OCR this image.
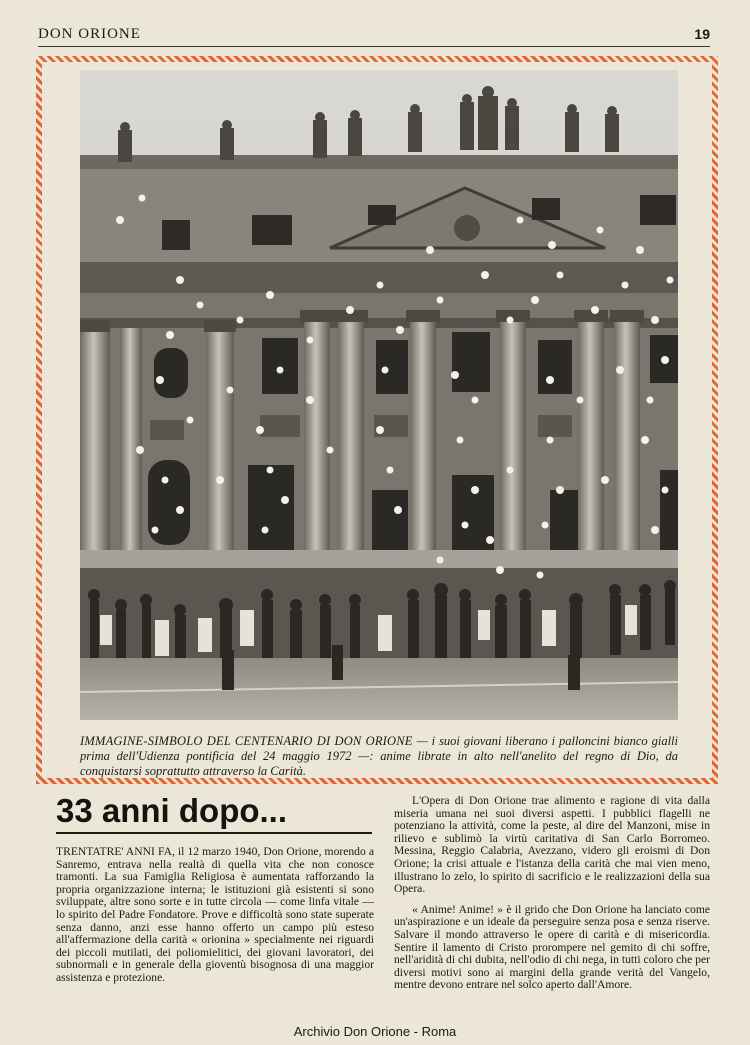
DON ORIONE	19
IMMAGINE-SIMBOLO DEL CENTENARIO DI DON ORIONE — i suoi giovani liberano i palloncini bianco gialli prima dell'Udienza pontificia del 24 maggio 1972 —: anime librate in alto nell'anelito del regno di Dio, da conquistarsi soprattutto attraverso la Carità.
33 anni dopo...

TRENTATRE' ANNI FA, il 12 marzo 1940, Don Orione, morendo a Sanremo, entrava nella realtà di quella vita che non conosce tramonti. La sua Famiglia Religiosa è aumentata rafforzando la propria organizzazione interna; le istituzioni già esistenti si sono sviluppate, altre sono sorte e in tutte circola — come linfa vitale — lo spirito del Padre Fondatore. Prove e difficoltà sono state superate senza danno, anzi esse hanno offerto un campo più esteso all'affermazione della carità « orionina » specialmente nei riguardi dei piccoli mutilati, dei poliomielitici, dei giovani lavoratori, dei subnormali e in generale della gioventù bisognosa di una maggior assistenza e protezione.

L'Opera di Don Orione trae alimento e ragione di vita dalla miseria umana nei suoi diversi aspetti. I pubblici flagelli ne potenziano la attività, come la peste, al dire del Manzoni, mise in rilievo e sublimò la virtù caritativa di San Carlo Borromeo. Messina, Reggio Calabria, Avezzano, videro gli eroismi di Don Orione; la crisi attuale e l'istanza della carità che mai vien meno, illustrano lo zelo, lo spirito di sacrificio e le realizzazioni della sua Opera.

« Anime! Anime! » è il grido che Don Orione ha lanciato come un'aspirazione e un ideale da perseguire senza posa e senza riserve. Salvare il mondo attraverso le opere di carità e di misericordia. Sentire il lamento di Cristo prorompere nel gemito di chi soffre, nell'aridità di chi dubita, nell'odio di chi nega, in tutti coloro che per diversi motivi sono ai margini della grande verità del Vangelo, mentre devono entrare nel solco aperto dall'Amore.

Archivio Don Orione - Roma
